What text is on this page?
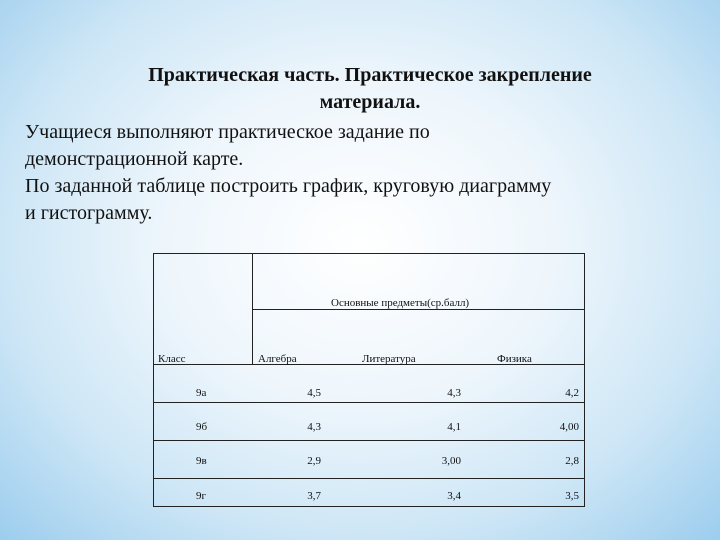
Практическая часть. Практическое закрепление
материала.
Учащиеся выполняют практическое задание по
демонстрационной карте.
По заданной таблице построить график, круговую диаграмму
и гистограмму.
Основные предметы(ср.балл)
Класс	Алгебра	Литература	Физика
9а	4,5	4,3	4,2
9б	4,3	4,1	4,00
9в	2,9	3,00	2,8
9г	3,7	3,4	3,5
